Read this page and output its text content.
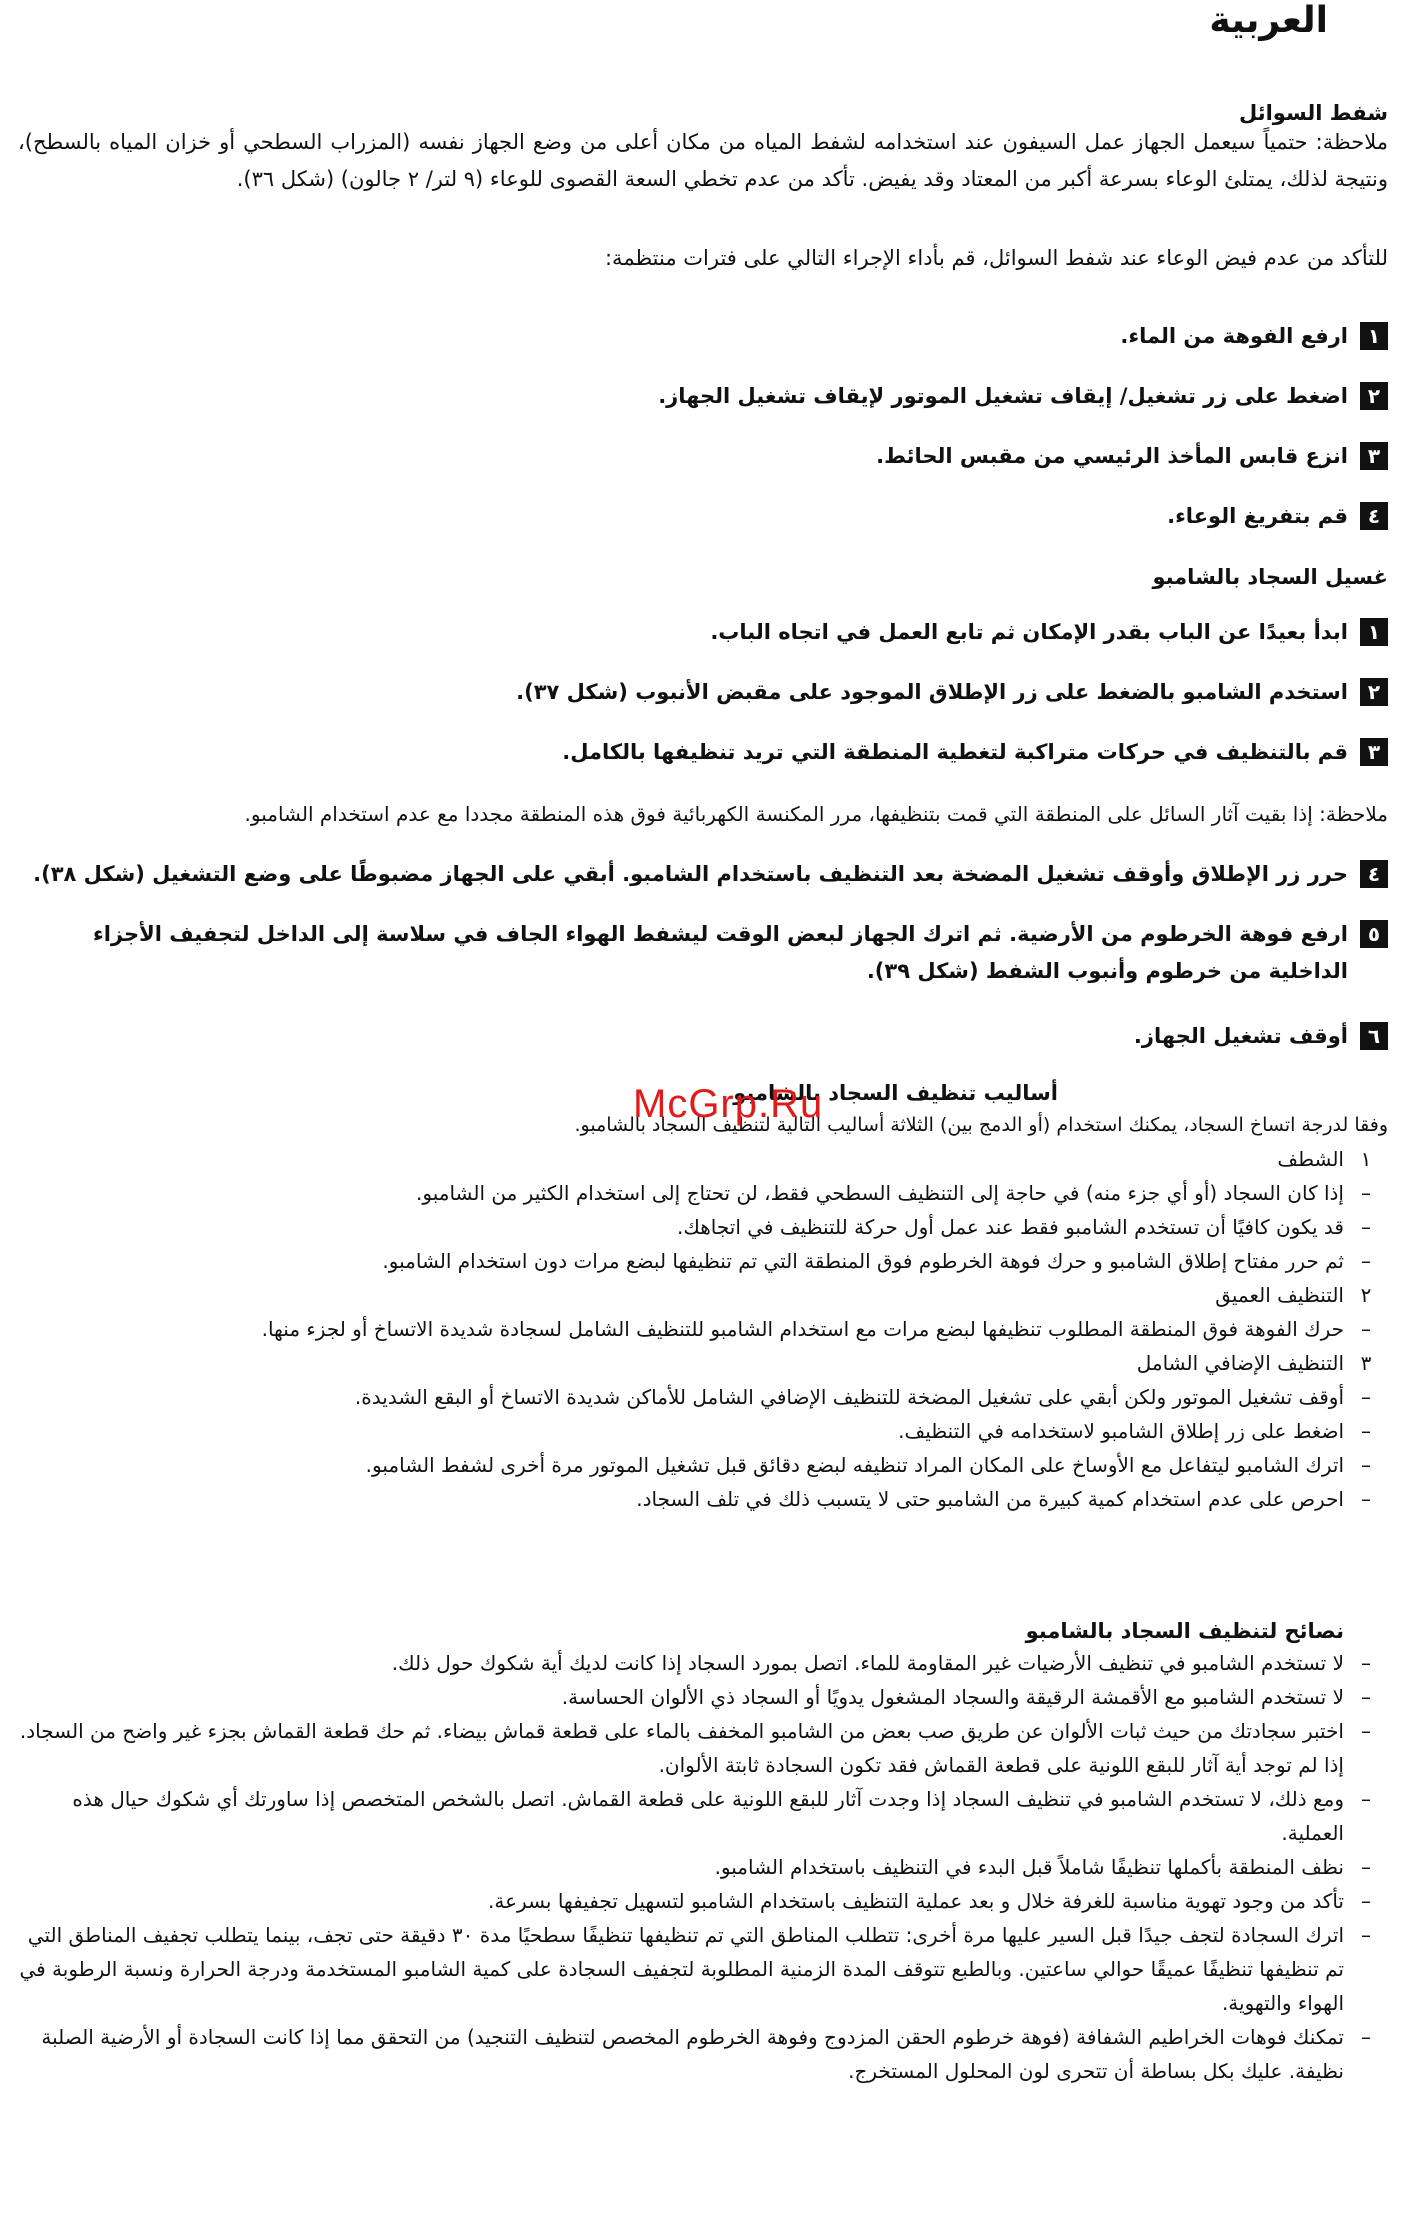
العربية
شفط السوائل
ملاحظة: حتمياً سيعمل الجهاز عمل السيفون عند استخدامه لشفط المياه من مكان أعلى من وضع الجهاز نفسه (المزراب السطحي أو خزان المياه بالسطح)، ونتيجة لذلك، يمتلئ الوعاء بسرعة أكبر من المعتاد وقد يفيض. تأكد من عدم تخطي السعة القصوى للوعاء (٩ لتر/ ٢ جالون) (شكل ٣٦).
للتأكد من عدم فيض الوعاء عند شفط السوائل، قم بأداء الإجراء التالي على فترات منتظمة:
١
ارفع الفوهة من الماء.
٢
اضغط على زر تشغيل/ إيقاف تشغيل الموتور لإيقاف تشغيل الجهاز.
٣
انزع قابس المأخذ الرئيسي من مقبس الحائط.
٤
قم بتفريغ الوعاء.
غسيل السجاد بالشامبو
١
ابدأ بعيدًا عن الباب بقدر الإمكان ثم تابع العمل في اتجاه الباب.
٢
استخدم الشامبو بالضغط على زر الإطلاق الموجود على مقبض الأنبوب (شكل ٣٧).
٣
قم بالتنظيف في حركات متراكبة لتغطية المنطقة التي تريد تنظيفها بالكامل.
ملاحظة: إذا بقيت آثار السائل على المنطقة التي قمت بتنظيفها، مرر المكنسة الكهربائية فوق هذه المنطقة مجددا مع عدم استخدام الشامبو.
٤
حرر زر الإطلاق وأوقف تشغيل المضخة بعد التنظيف باستخدام الشامبو. أبقي على الجهاز مضبوطًا على وضع التشغيل (شكل ٣٨).
٥
ارفع فوهة الخرطوم من الأرضية. ثم اترك الجهاز لبعض الوقت ليشفط الهواء الجاف في سلاسة إلى الداخل لتجفيف الأجزاء الداخلية من خرطوم وأنبوب الشفط (شكل ٣٩).
٦
أوقف تشغيل الجهاز.
أساليب تنظيف السجاد بالشامبو
وفقا لدرجة اتساخ السجاد، يمكنك استخدام (أو الدمج بين) الثلاثة أساليب التالية لتنظيف السجاد بالشامبو.
١
الشطف
–
إذا كان السجاد (أو أي جزء منه) في حاجة إلى التنظيف السطحي فقط، لن تحتاج إلى استخدام الكثير من الشامبو.
–
قد يكون كافيًا أن تستخدم الشامبو فقط عند عمل أول حركة للتنظيف في اتجاهك.
–
ثم حرر مفتاح إطلاق الشامبو و حرك فوهة الخرطوم فوق المنطقة التي تم تنظيفها لبضع مرات دون استخدام الشامبو.
٢
التنظيف العميق
–
حرك الفوهة فوق المنطقة المطلوب تنظيفها لبضع مرات مع استخدام الشامبو للتنظيف الشامل لسجادة شديدة الاتساخ أو لجزء منها.
٣
التنظيف الإضافي الشامل
–
أوقف تشغيل الموتور ولكن أبقي على تشغيل المضخة للتنظيف الإضافي الشامل للأماكن شديدة الاتساخ أو البقع الشديدة.
–
اضغط على زر إطلاق الشامبو لاستخدامه في التنظيف.
–
اترك الشامبو ليتفاعل مع الأوساخ على المكان المراد تنظيفه لبضع دقائق قبل تشغيل الموتور مرة أخرى لشفط الشامبو.
–
احرص على عدم استخدام كمية كبيرة من الشامبو حتى لا يتسبب ذلك في تلف السجاد.
نصائح لتنظيف السجاد بالشامبو
–
لا تستخدم الشامبو في تنظيف الأرضيات غير المقاومة للماء. اتصل بمورد السجاد إذا كانت لديك أية شكوك حول ذلك.
–
لا تستخدم الشامبو مع الأقمشة الرقيقة والسجاد المشغول يدويًا أو السجاد ذي الألوان الحساسة.
–
اختبر سجادتك من حيث ثبات الألوان عن طريق صب بعض من الشامبو المخفف بالماء على قطعة قماش بيضاء. ثم حك قطعة القماش بجزء غير واضح من السجاد. إذا لم توجد أية آثار للبقع اللونية على قطعة القماش فقد تكون السجادة ثابتة الألوان.
–
ومع ذلك، لا تستخدم الشامبو في تنظيف السجاد إذا وجدت آثار للبقع اللونية على قطعة القماش. اتصل بالشخص المتخصص إذا ساورتك أي شكوك حيال هذه العملية.
–
نظف المنطقة بأكملها تنظيفًا شاملاً قبل البدء في التنظيف باستخدام الشامبو.
–
تأكد من وجود تهوية مناسبة للغرفة خلال و بعد عملية التنظيف باستخدام الشامبو لتسهيل تجفيفها بسرعة.
–
اترك السجادة لتجف جيدًا قبل السير عليها مرة أخرى: تتطلب المناطق التي تم تنظيفها تنظيفًا سطحيًا مدة ٣٠ دقيقة حتى تجف، بينما يتطلب تجفيف المناطق التي تم تنظيفها تنظيفًا عميقًا حوالي ساعتين. وبالطبع تتوقف المدة الزمنية المطلوبة لتجفيف السجادة على كمية الشامبو المستخدمة ودرجة الحرارة ونسبة الرطوبة في الهواء والتهوية.
–
تمكنك فوهات الخراطيم الشفافة (فوهة خرطوم الحقن المزدوج وفوهة الخرطوم المخصص لتنظيف التنجيد) من التحقق مما إذا كانت السجادة أو الأرضية الصلبة نظيفة. عليك بكل بساطة أن تتحرى لون المحلول المستخرج.
McGrp.Ru
